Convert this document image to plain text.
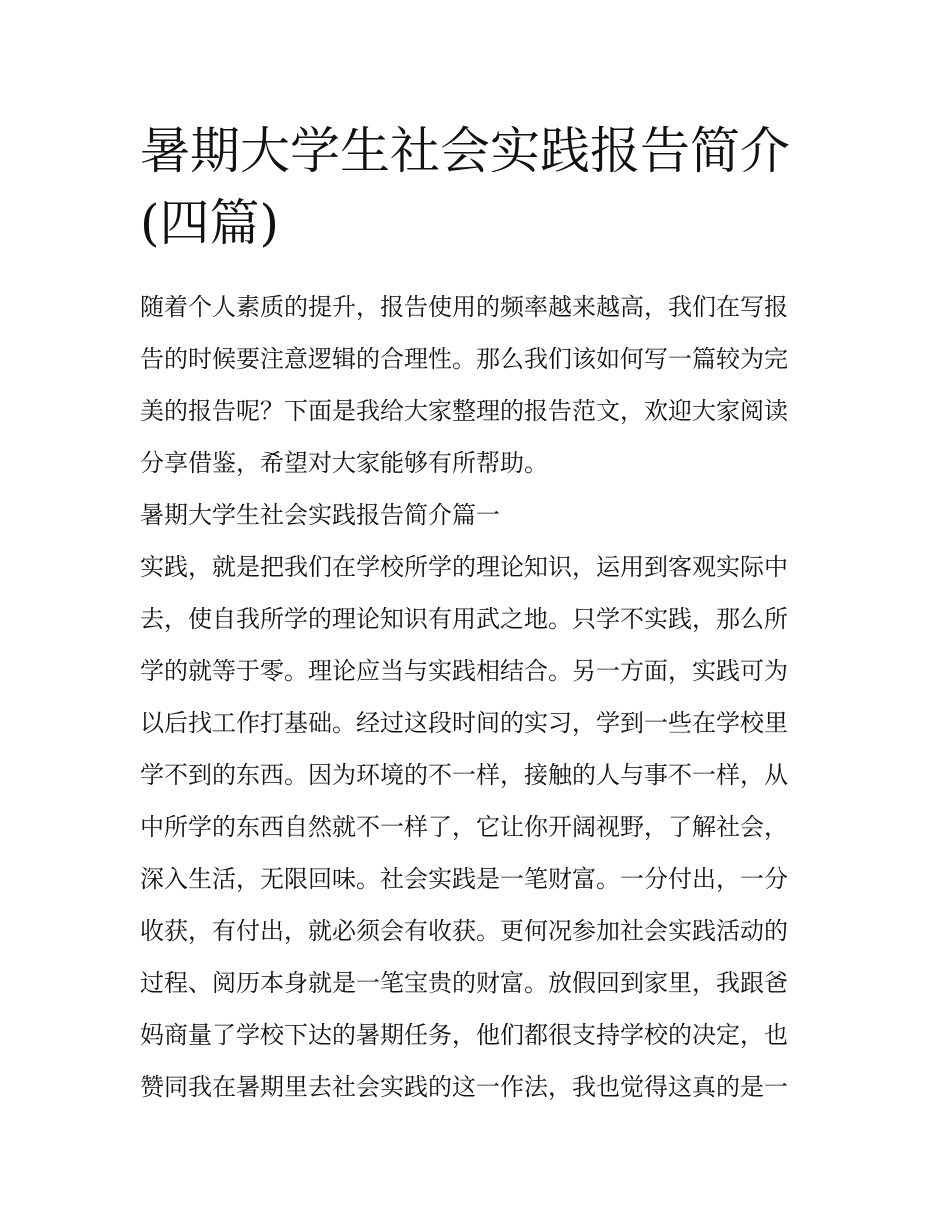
暑期大学生社会实践报告简介
(四篇)

随着个人素质的提升，报告使用的频率越来越高，我们在写报
告的时候要注意逻辑的合理性。那么我们该如何写一篇较为完
美的报告呢？下面是我给大家整理的报告范文，欢迎大家阅读
分享借鉴，希望对大家能够有所帮助。

暑期大学生社会实践报告简介篇一

实践，就是把我们在学校所学的理论知识，运用到客观实际中
去，使自我所学的理论知识有用武之地。只学不实践，那么所
学的就等于零。理论应当与实践相结合。另一方面，实践可为
以后找工作打基础。经过这段时间的实习，学到一些在学校里
学不到的东西。因为环境的不一样，接触的人与事不一样，从
中所学的东西自然就不一样了，它让你开阔视野，了解社会，
深入生活，无限回味。社会实践是一笔财富。一分付出，一分
收获，有付出，就必须会有收获。更何况参加社会实践活动的
过程、阅历本身就是一笔宝贵的财富。放假回到家里，我跟爸
妈商量了学校下达的暑期任务，他们都很支持学校的决定，也
赞同我在暑期里去社会实践的这一作法，我也觉得这真的是一
